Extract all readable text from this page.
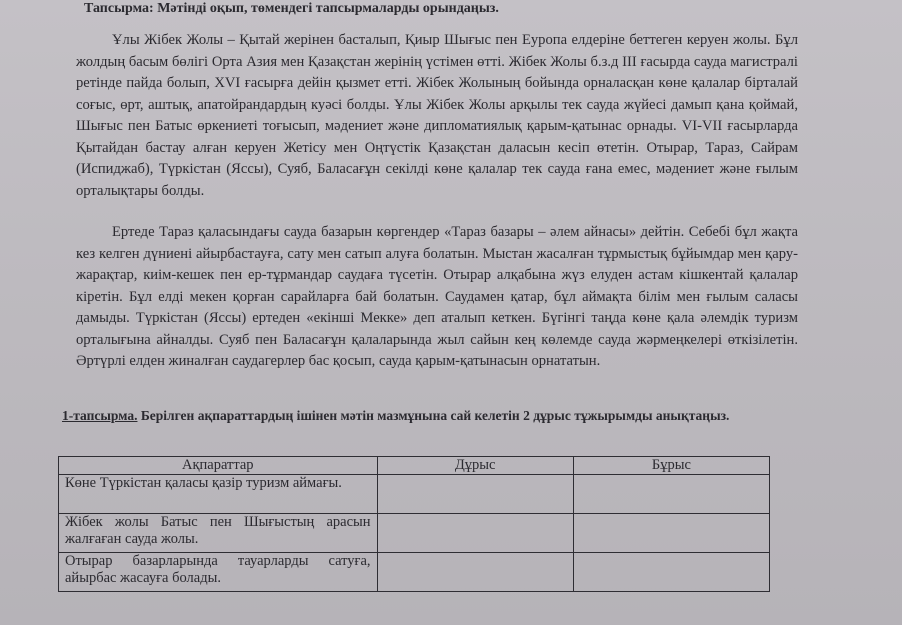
Тапсырма: Мәтінді оқып, төмендегі тапсырмаларды орындаңыз.

Ұлы Жібек Жолы – Қытай жерінен басталып, Қиыр Шығыс пен Еуропа елдеріне беттеген керуен жолы. Бұл жолдың басым бөлігі Орта Азия мен Қазақстан жерінің үстімен өтті. Жібек Жолы б.з.д III ғасырда сауда магистралі ретінде пайда болып, XVI ғасырға дейін қызмет етті. Жібек Жолының бойында орналасқан көне қалалар бірталай соғыс, өрт, аштық, апатойрандардың куәсі болды. Ұлы Жібек Жолы арқылы тек сауда жүйесі дамып қана қоймай, Шығыс пен Батыс өркениеті тоғысып, мәдениет және дипломатиялық қарым-қатынас орнады. VI-VII ғасырларда Қытайдан бастау алған керуен Жетісу мен Оңтүстік Қазақстан даласын кесіп өтетін. Отырар, Тараз, Сайрам (Испиджаб), Түркістан (Яссы), Суяб, Баласағұн секілді көне қалалар тек сауда ғана емес, мәдениет және ғылым орталықтары болды.

Ертеде Тараз қаласындағы сауда базарын көргендер «Тараз базары – әлем айнасы» дейтін. Себебі бұл жақта кез келген дүниені айырбастауға, сату мен сатып алуға болатын. Мыстан жасалған тұрмыстық бұйымдар мен қару-жарақтар, киім-кешек пен ер-тұрмандар саудаға түсетін. Отырар алқабына жүз елуден астам кішкентай қалалар кіретін. Бұл елді мекен қорған сарайларға бай болатын. Саудамен қатар, бұл аймақта білім мен ғылым саласы дамыды. Түркістан (Яссы) ертеден «екінші Мекке» деп аталып кеткен. Бүгінгі таңда көне қала әлемдік туризм орталығына айналды. Суяб пен Баласағұн қалаларында жыл сайын кең көлемде сауда жәрмеңкелері өткізілетін. Әртүрлі елден жиналған саудагерлер бас қосып, сауда қарым-қатынасын орнататын.

1-тапсырма. Берілген ақпараттардың ішінен мәтін мазмұнына сай келетін 2 дұрыс тұжырымды анықтаңыз.

Ақпараттар	Дұрыс	Бұрыс
Көне Түркістан қаласы қазір туризм аймағы.		
Жібек жолы Батыс пен Шығыстың арасын жалғаған сауда жолы.		
Отырар базарларында тауарларды сатуға, айырбас жасауға болады.		
